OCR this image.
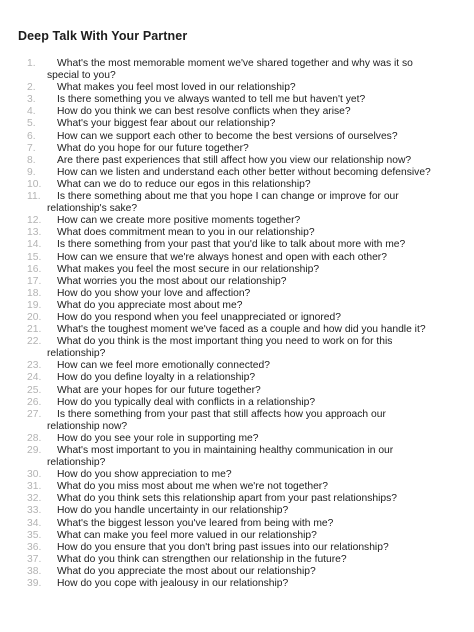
Deep Talk With Your Partner
1.	What's the most memorable moment we've shared together and why was it so
special to you?
2.	What makes you feel most loved in our relationship?
3.	Is there something you ve always wanted to tell me but haven't yet?
4.	How do you think we can best resolve conflicts when they arise?
5.	What's your biggest fear about our relationship?
6.	How can we support each other to become the best versions of ourselves?
7.	What do you hope for our future together?
8.	Are there past experiences that still affect how you view our relationship now?
9.	How can we listen and understand each other better without becoming defensive?
10.	What can we do to reduce our egos in this relationship?
11.	Is there something about me that you hope I can change or improve for our
relationship's sake?
12.	How can we create more positive moments together?
13.	What does commitment mean to you in our relationship?
14.	Is there something from your past that you'd like to talk about more with me?
15.	How can we ensure that we're always honest and open with each other?
16.	What makes you feel the most secure in our relationship?
17.	What worries you the most about our relationship?
18.	How do you show your love and affection?
19.	What do you appreciate most about me?
20.	How do you respond when you feel unappreciated or ignored?
21.	What's the toughest moment we've faced as a couple and how did you handle it?
22.	What do you think is the most important thing you need to work on for this
relationship?
23.	How can we feel more emotionally connected?
24.	How do you define loyalty in a relationship?
25.	What are your hopes for our future together?
26.	How do you typically deal with conflicts in a relationship?
27.	Is there something from your past that still affects how you approach our
relationship now?
28.	How do you see your role in supporting me?
29.	What's most important to you in maintaining healthy communication in our
relationship?
30.	How do you show appreciation to me?
31.	What do you miss most about me when we're not together?
32.	What do you think sets this relationship apart from your past relationships?
33.	How do you handle uncertainty in our relationship?
34.	What's the biggest lesson you've leared from being with me?
35.	What can make you feel more valued in our relationship?
36.	How do you ensure that you don't bring past issues into our relationship?
37.	What do you think can strengthen our relationship in the future?
38.	What do you appreciate the most about our relationship?
39.	How do you cope with jealousy in our relationship?
